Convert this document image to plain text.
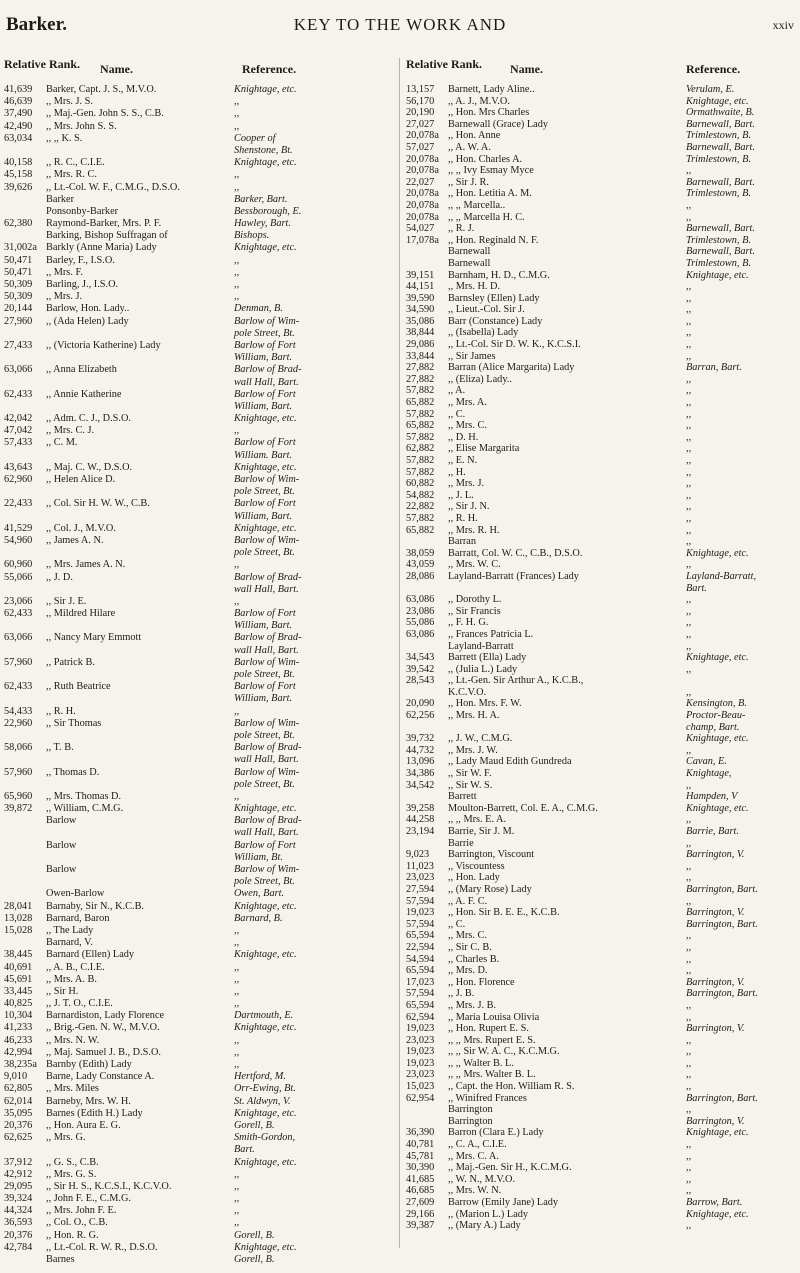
Barker.	KEY TO THE WORK AND	xxiv
Relative Rank. Name.	Reference.
41,639	Barker, Capt. J. S., M.V.O.	Knightage, etc.
46,639	,, Mrs. J. S.	,,
37,490	,, Maj.-Gen. John S. S., C.B.	,,
42,490	,, Mrs. John S. S.	,,
63,034	,, ,, K. S.	Cooper of
Shenstone, Bt.
40,158	,, R. C., C.I.E.	Knightage, etc.
45,158	,, Mrs. R. C.	,,
39,626	,, Lt.-Col. W. F., C.M.G., D.S.O.	,,
Barker	Barker, Bart.
Ponsonby-Barker	Bessborough, E.
62,380	Raymond-Barker, Mrs. P. F.	Hawley, Bart.
Barking, Bishop Suffragan of	Bishops.
31,002a Barkly (Anne Maria) Lady	Knightage, etc.
50,471	Barley, F., I.S.O.	,,
50,471	,, Mrs. F.	,,
50,309	Barling, J., I.S.O.	,,
50,309	,, Mrs. J.	,,
20,144	Barlow, Hon. Lady..	Denman, B.
27,960	,, (Ada Helen) Lady	Barlow of Wim-
pole Street, Bt.
27,433	,, (Victoria Katherine) Lady	Barlow of Fort
William, Bart.
63,066	,, Anna Elizabeth	Barlow of Brad-
wall Hall, Bart.
62,433	,, Annie Katherine	Barlow of Fort
William, Bart.
42,042	,, Adm. C. J., D.S.O.	Knightage, etc.
47,042	,, Mrs. C. J.	,,
57,433	,, C. M.	Barlow of Fort
William. Bart.
43,643	,, Maj. C. W., D.S.O.	Knightage, etc.
62,960	,, Helen Alice D.	Barlow of Wim-
pole Street, Bt.
22,433	,, Col. Sir H. W. W., C.B.	Barlow of Fort
William, Bart.
41,529	,, Col. J., M.V.O.	Knightage, etc.
54,960	,, James A. N.	Barlow of Wim-
pole Street, Bt.
60,960	,, Mrs. James A. N.	,,
55,066	,, J. D.	Barlow of Brad-
wall Hall, Bart.
23,066	,, Sir J. E.	,,
62,433	,, Mildred Hilare	Barlow of Fort
William, Bart.
63,066	,, Nancy Mary Emmott	Barlow of Brad-
wall Hall, Bart.
57,960	,, Patrick B.	Barlow of Wim-
pole Street, Bt.
62,433	,, Ruth Beatrice	Barlow of Fort
William, Bart.
54,433	,, R. H.	,,
22,960	,, Sir Thomas	Barlow of Wim-
pole Street, Bt.
58,066	,, T. B.	Barlow of Brad-
wall Hall, Bart.
57,960	,, Thomas D.	Barlow of Wim-
pole Street, Bt.
65,960	,, Mrs. Thomas D.	,,
39,872	,, William, C.M.G.	Knightage, etc.
Barlow	Barlow of Brad-
wall Hall, Bart.
Barlow	Barlow of Fort
William, Bt.
Barlow	Barlow of Wim-
pole Street, Bt.
Owen-Barlow	Owen, Bart.
28,041	Barnaby, Sir N., K.C.B.	Knightage, etc.
13,028	Barnard, Baron	Barnard, B.
15,028	,, The Lady	,,
Barnard, V.	,,
38,445	Barnard (Ellen) Lady	Knightage, etc.
40,691	,, A. B., C.I.E.	,,
45,691	,, Mrs. A. B.	,,
33,445	,, Sir H.	,,
40,825	,, J. T. O., C.I.E.	,,
10,304	Barnardiston, Lady Florence	Dartmouth, E.
41,233	,, Brig.-Gen. N. W., M.V.O.	Knightage, etc.
46,233	,, Mrs. N. W.	,,
42,994	,, Maj. Samuel J. B., D.S.O.	,,
38,235a Barnby (Edith) Lady	,,
9,010	Barne, Lady Constance A.	Hertford, M.
62,805	,, Mrs. Miles	Orr-Ewing, Bt.
62,014	Barneby, Mrs. W. H.	St. Aldwyn, V.
35,095	Barnes (Edith H.) Lady	Knightage, etc.
20,376	,, Hon. Aura E. G.	Gorell, B.
62,625	,, Mrs. G.	Smith-Gordon,
Bart.
37,912	,, G. S., C.B.	Knightage, etc.
42,912	,, Mrs. G. S.	,,
29,095	,, Sir H. S., K.C.S.I., K.C.V.O.	,,
39,324	,, John F. E., C.M.G.	,,
44,324	,, Mrs. John F. E.	,,
36,593	,, Col. O., C.B.	,,
20,376	,, Hon. R. G.	Gorell, B.
42,784	,, Lt.-Col. R. W. R., D.S.O.	Knightage, etc.
Barnes	Gorell, B.
Relative Rank. Name.	Reference.
13,157	Barnett, Lady Aline..	Verulam, E.
56,170	,, A. J., M.V.O.	Knightage, etc.
20,190	,, Hon. Mrs Charles	Ormathwaite, B.
27,027	Barnewall (Grace) Lady	Barnewall, Bart.
20,078a ,, Hon. Anne	Trimlestown, B.
57,027	,, A. W. A.	Barnewall, Bart.
20,078a ,, Hon. Charles A.	Trimlestown, B.
20,078a ,, ,, Ivy Esmay Myce	,,
22,027	,, Sir J. R.	Barnewall, Bart.
20,078a ,, Hon. Letitia A. M.	Trimlestown, B.
20,078a ,, ,, Marcella..	,,
20,078a ,, ,, Marcella H. C.	,,
54,027	,, R. J.	Barnewall, Bart.
17,078a ,, Hon. Reginald N. F.	Trimlestown, B.
Barnewall	Barnewall, Bart.
Barnewall	Trimlestown, B.
39,151	Barnham, H. D., C.M.G.	Knightage, etc.
44,151	,, Mrs. H. D.	,,
39,590	Barnsley (Ellen) Lady	,,
34,590	,, Lieut.-Col. Sir J.	,,
35,086	Barr (Constance) Lady	,,
38,844	,, (Isabella) Lady	,,
29,086	,, Lt.-Col. Sir D. W. K., K.C.S.I.	,,
33,844	,, Sir James	,,
27,882	Barran (Alice Margarita) Lady	Barran, Bart.
27,882	,, (Eliza) Lady..	,,
57,882	,, A.	,,
65,882	,, Mrs. A.	,,
57,882	,, C.	,,
65,882	,, Mrs. C.	,,
57,882	,, D. H.	,,
62,882	,, Elise Margarita	,,
57,882	,, E. N.	,,
57,882	,, H.	,,
60,882	,, Mrs. J.	,,
54,882	,, J. L.	,,
22,882	,, Sir J. N.	,,
57,882	,, R. H.	,,
65,882	,, Mrs. R. H.	,,
Barran	,,
38,059	Barratt, Col. W. C., C.B., D.S.O.	Knightage, etc.
43,059	,, Mrs. W. C.	,,
28,086	Layland-Barratt (Frances) Lady	Layland-Barratt,
Bart.
63,086	,, Dorothy L.	,,
23,086	,, Sir Francis	,,
55,086	,, F. H. G.	,,
63,086	,, Frances Patricia L.	,,
Layland-Barratt	,,
34,543	Barrett (Ella) Lady	Knightage, etc.
39,542	,, (Julia L.) Lady	,,
28,543	,, Lt.-Gen. Sir Arthur A., K.C.B.,
K.C.V.O.	,,
20,090	,, Hon. Mrs. F. W.	Kensington, B.
62,256	,, Mrs. H. A.	Proctor-Beau-
champ, Bart.
39,732	,, J. W., C.M.G.	Knightage, etc.
44,732	,, Mrs. J. W.	,,
13,096	,, Lady Maud Edith Gundreda	Cavan, E.
34,386	,, Sir W. F.	Knightage,
34,542	,, Sir W. S.	,,
Barrett	Hampden, V
39,258	Moulton-Barrett, Col. E. A., C.M.G.	Knightage, etc.
44,258	,, ,, Mrs. E. A.	,,
23,194	Barrie, Sir J. M.	Barrie, Bart.
Barrie	,,
9,023	Barrington, Viscount	Barrington, V.
11,023	,, Viscountess	,,
23,023	,, Hon. Lady	,,
27,594	,, (Mary Rose) Lady	Barrington, Bart.
57,594	,, A. F. C.	,,
19,023	,, Hon. Sir B. E. E., K.C.B.	Barrington, V.
57,594	,, C.	Barrington, Bart.
65,594	,, Mrs. C.	,,
22,594	,, Sir C. B.	,,
54,594	,, Charles B.	,,
65,594	,, Mrs. D.	,,
17,023	,, Hon. Florence	Barrington, V.
57,594	,, J. B.	Barrington, Bart.
65,594	,, Mrs. J. B.	,,
62,594	,, Maria Louisa Olivia	,,
19,023	,, Hon. Rupert E. S.	Barrington, V.
23,023	,, ,, Mrs. Rupert E. S.	,,
19,023	,, ,, Sir W. A. C., K.C.M.G.	,,
19,023	,, ,, Walter B. L.	,,
23,023	,, ,, Mrs. Walter B. L.	,,
15,023	,, Capt. the Hon. William R. S.	,,
62,954	,, Winifred Frances	Barrington, Bart.
Barrington	,,
Barrington	Barrington, V.
36,390	Barron (Clara E.) Lady	Knightage, etc.
40,781	,, C. A., C.I.E.	,,
45,781	,, Mrs. C. A.	,,
30,390	,, Maj.-Gen. Sir H., K.C.M.G.	,,
41,685	,, W. N., M.V.O.	,,
46,685	,, Mrs. W. N.	,,
27,609	Barrow (Emily Jane) Lady	Barrow, Bart.
29,166	,, (Marion L.) Lady	Knightage, etc.
39,387	,, (Mary A.) Lady	,,
